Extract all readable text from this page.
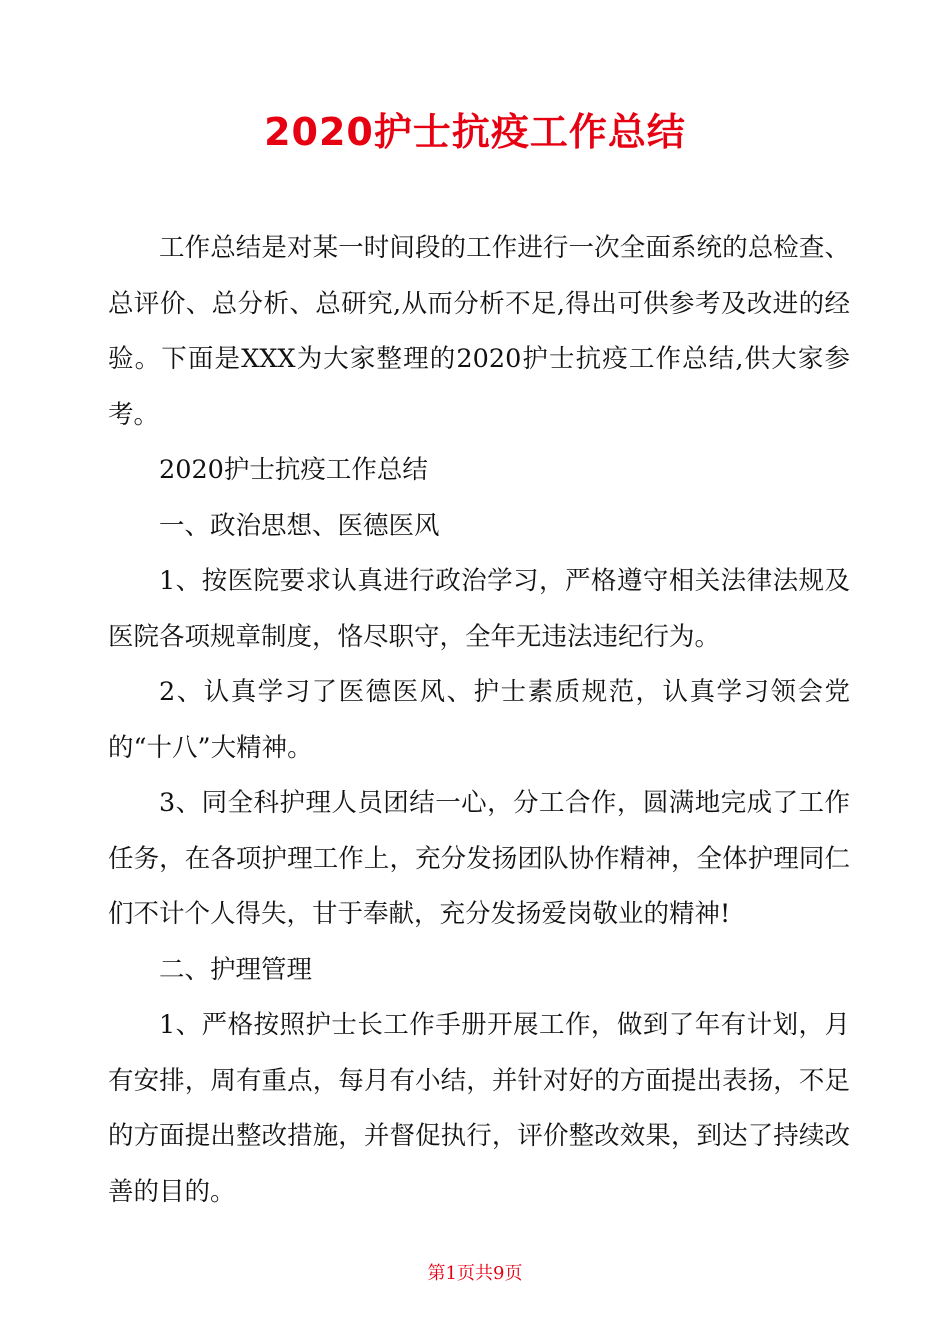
2020护士抗疫工作总结

工作总结是对某一时间段的工作进行一次全面系统的总检查、总评价、总分析、总研究,从而分析不足,得出可供参考及改进的经验。下面是XXX为大家整理的2020护士抗疫工作总结,供大家参考。

2020护士抗疫工作总结

一、政治思想、医德医风

1、按医院要求认真进行政治学习，严格遵守相关法律法规及医院各项规章制度，恪尽职守，全年无违法违纪行为。

2、认真学习了医德医风、护士素质规范，认真学习领会党的“十八”大精神。

3、同全科护理人员团结一心，分工合作，圆满地完成了工作任务，在各项护理工作上，充分发扬团队协作精神，全体护理同仁们不计个人得失，甘于奉献，充分发扬爱岗敬业的精神!

二、护理管理

1、严格按照护士长工作手册开展工作，做到了年有计划，月有安排，周有重点，每月有小结，并针对好的方面提出表扬，不足的方面提出整改措施，并督促执行，评价整改效果，到达了持续改善的目的。

第1页共9页
